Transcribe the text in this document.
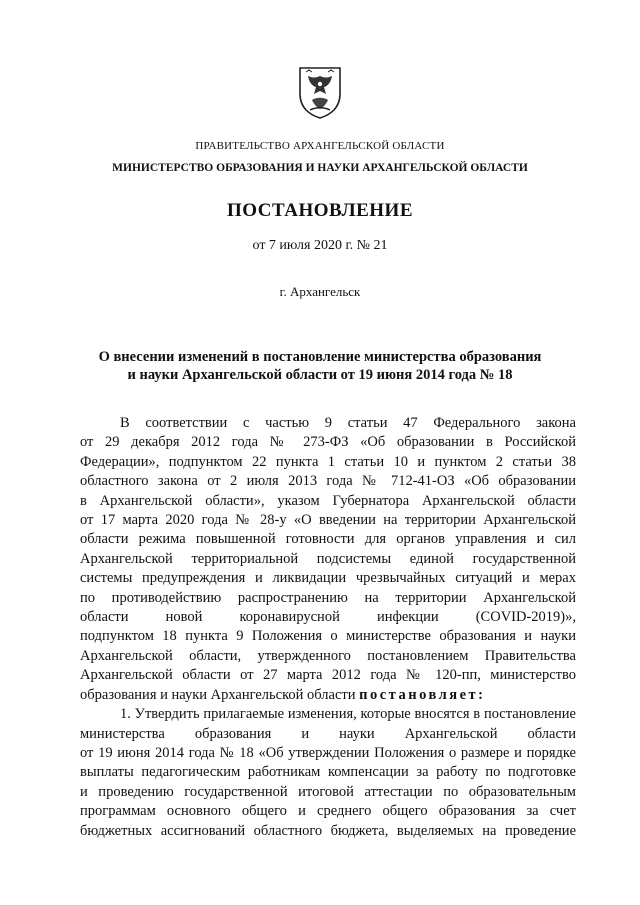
ПРАВИТЕЛЬСТВО АРХАНГЕЛЬСКОЙ ОБЛАСТИ
МИНИСТЕРСТВО ОБРАЗОВАНИЯ И НАУКИ АРХАНГЕЛЬСКОЙ ОБЛАСТИ
ПОСТАНОВЛЕНИЕ
от 7 июля 2020 г. № 21
г. Архангельск
О внесении изменений в постановление министерства образования
и науки Архангельской области от 19 июня 2014 года № 18

В соответствии с частью 9 статьи 47 Федерального закона

от 29 декабря 2012 года № 273-ФЗ «Об образовании в Российской

Федерации», подпунктом 22 пункта 1 статьи 10 и пунктом 2 статьи 38

областного закона от 2 июля 2013 года № 712-41-ОЗ «Об образовании

в Архангельской области», указом Губернатора Архангельской области

от 17 марта 2020 года № 28-у «О введении на территории Архангельской

области режима повышенной готовности для органов управления и сил

Архангельской территориальной подсистемы единой государственной

системы предупреждения и ликвидации чрезвычайных ситуаций и мерах

по противодействию распространению на территории Архангельской

области новой коронавирусной инфекции (COVID-2019)»,

подпунктом 18 пункта 9 Положения о министерстве образования и науки

Архангельской области, утвержденного постановлением Правительства

Архангельской области от 27 марта 2012 года № 120-пп, министерство

образования и науки Архангельской области постановляет:

1. Утвердить прилагаемые изменения, которые вносятся в постановление

министерства образования и науки Архангельской области

от 19 июня 2014 года № 18 «Об утверждении Положения о размере и порядке

выплаты педагогическим работникам компенсации за работу по подготовке

и проведению государственной итоговой аттестации по образовательным

программам основного общего и среднего общего образования за счет

бюджетных ассигнований областного бюджета, выделяемых на проведение
